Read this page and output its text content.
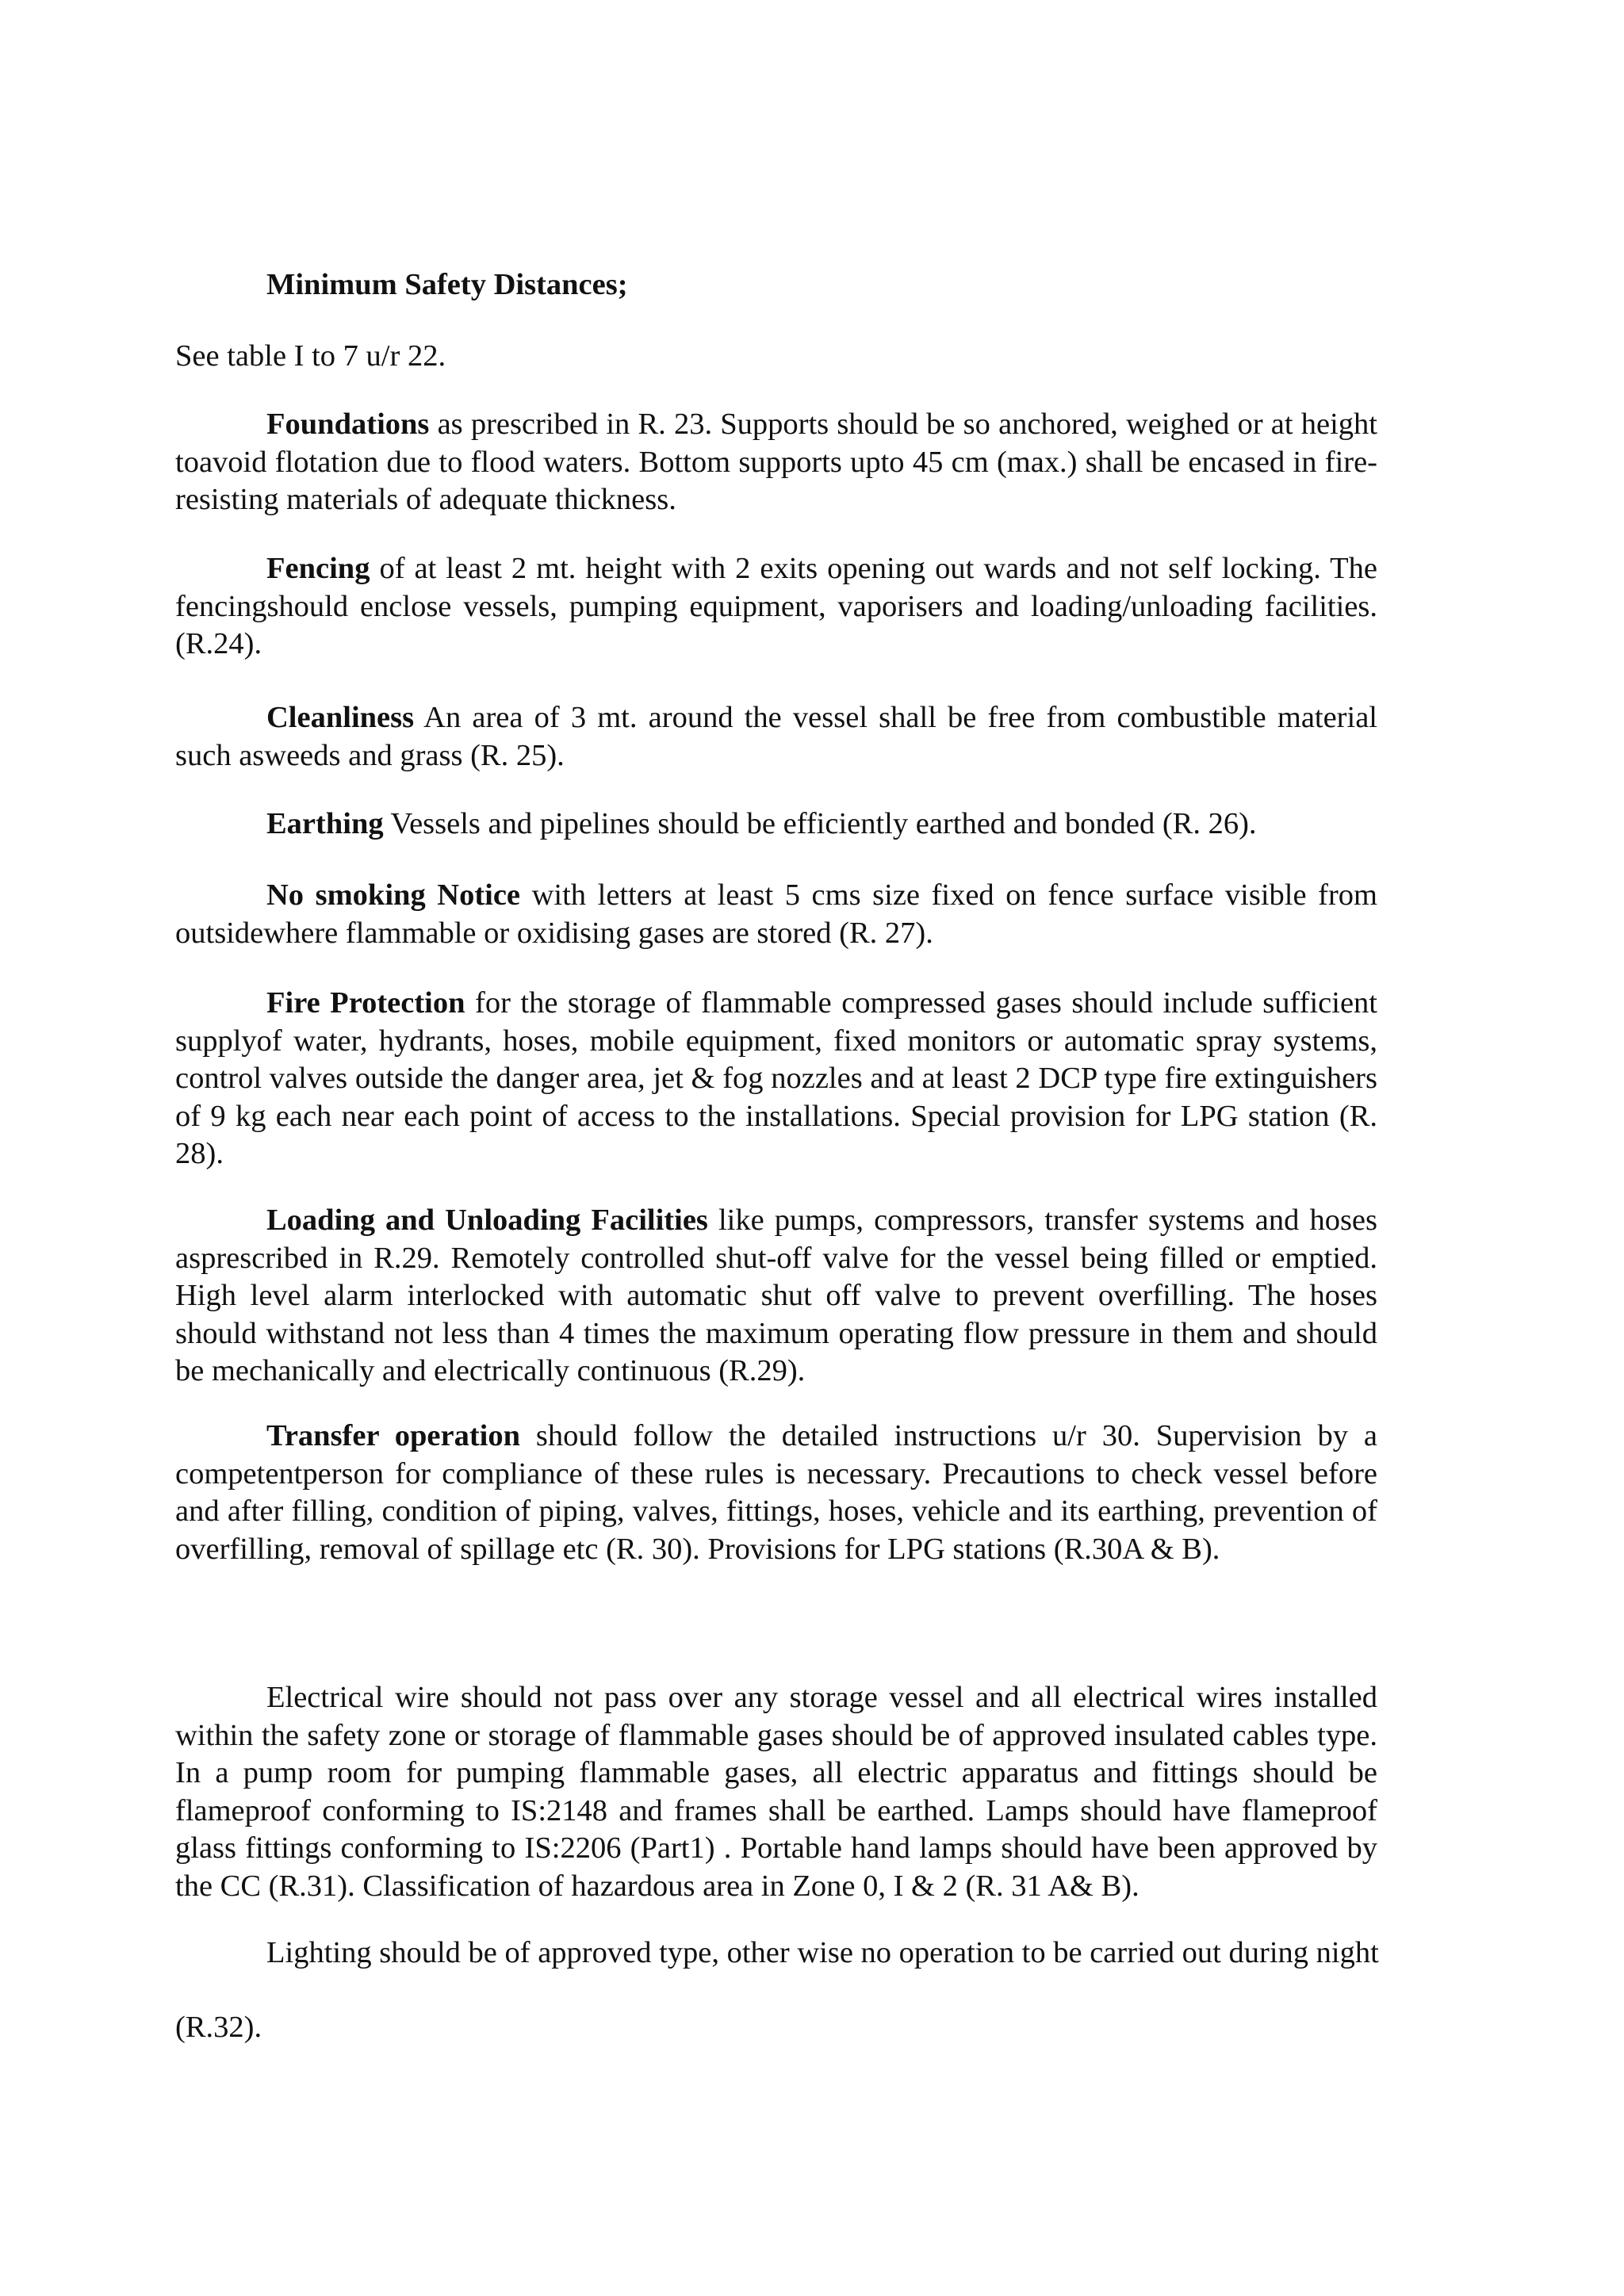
Minimum Safety Distances;

See table I to 7 u/r 22.

Foundations as prescribed in R. 23. Supports should be so anchored, weighed or at height toavoid flotation due to flood waters. Bottom supports upto 45 cm (max.) shall be encased in fire-resisting materials of adequate thickness.

Fencing of at least 2 mt. height with 2 exits opening out wards and not self locking. The fencingshould enclose vessels, pumping equipment, vaporisers and loading/unloading facilities. (R.24).

Cleanliness An area of 3 mt. around the vessel shall be free from combustible material such asweeds and grass (R. 25).

Earthing Vessels and pipelines should be efficiently earthed and bonded (R. 26).

No smoking Notice with letters at least 5 cms size fixed on fence surface visible from outsidewhere flammable or oxidising gases are stored (R. 27).

Fire Protection for the storage of flammable compressed gases should include sufficient supplyof water, hydrants, hoses, mobile equipment, fixed monitors or automatic spray systems, control valves outside the danger area, jet & fog nozzles and at least 2 DCP type fire extinguishers of 9 kg each near each point of access to the installations. Special provision for LPG station (R. 28).

Loading and Unloading Facilities like pumps, compressors, transfer systems and hoses asprescribed in R.29. Remotely controlled shut-off valve for the vessel being filled or emptied. High level alarm interlocked with automatic shut off valve to prevent overfilling. The hoses should withstand not less than 4 times the maximum operating flow pressure in them and should be mechanically and electrically continuous (R.29).

Transfer operation should follow the detailed instructions u/r 30. Supervision by a competentperson for compliance of these rules is necessary. Precautions to check vessel before and after filling, condition of piping, valves, fittings, hoses, vehicle and its earthing, prevention of overfilling, removal of spillage etc (R. 30). Provisions for LPG stations (R.30A & B).

Electrical wire should not pass over any storage vessel and all electrical wires installed within the safety zone or storage of flammable gases should be of approved insulated cables type. In a pump room for pumping flammable gases, all electric apparatus and fittings should be flameproof conforming to IS:2148 and frames shall be earthed. Lamps should have flameproof glass fittings conforming to IS:2206 (Part1) . Portable hand lamps should have been approved by the CC (R.31). Classification of hazardous area in Zone 0, I & 2 (R. 31 A& B).

Lighting should be of approved type, other wise no operation to be carried out during night

(R.32).
